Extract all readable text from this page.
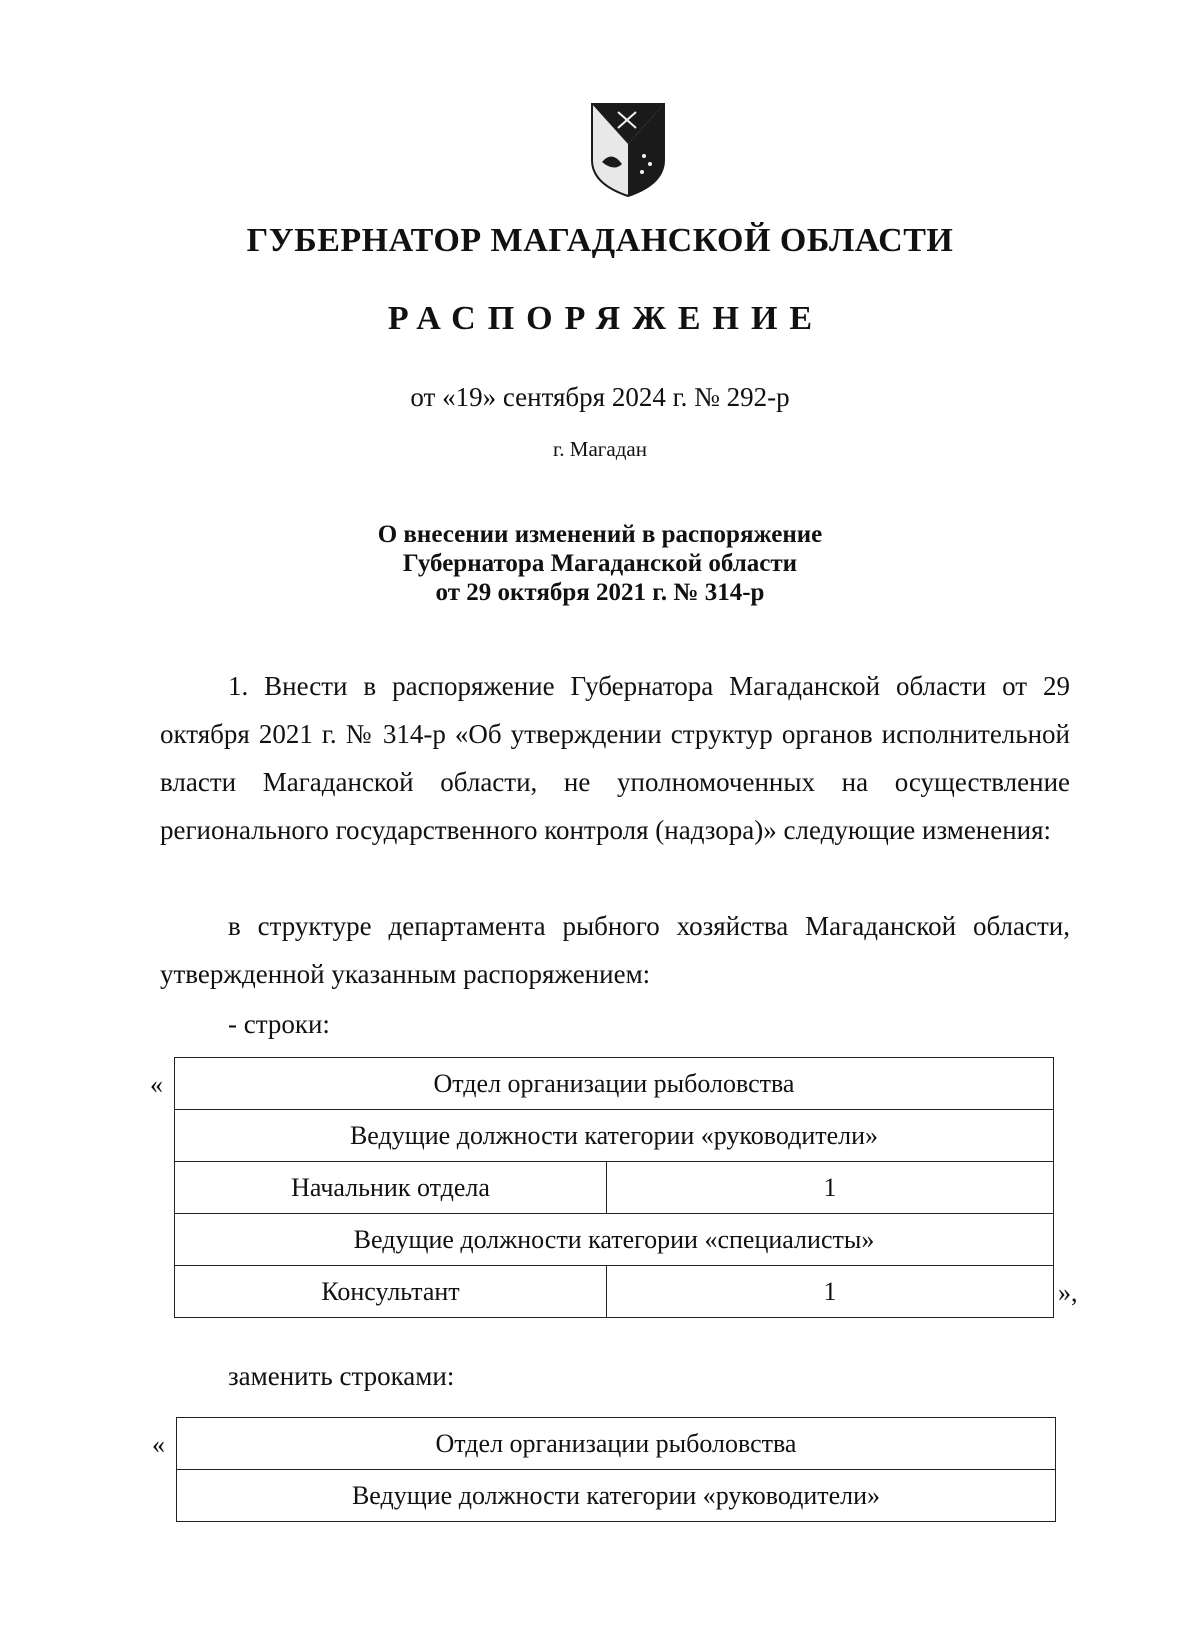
ГУБЕРНАТОР МАГАДАНСКОЙ ОБЛАСТИ
РАСПОРЯЖЕНИЕ
от «19» сентября 2024 г. № 292-р
г. Магадан
О внесении изменений в распоряжение
Губернатора Магаданской области
от 29 октября 2021 г. № 314-р
1. Внести в распоряжение Губернатора Магаданской области от 29 октября 2021 г. № 314-р «Об утверждении структур органов исполнительной власти Магаданской области, не уполномоченных на осуществление регионального государственного контроля (надзора)» следующие изменения:
в структуре департамента рыбного хозяйства Магаданской области, утвержденной указанным распоряжением:
- строки:
«	Отдел организации рыболовства	
Ведущие должности категории «руководители»	
Начальник отдела	1
Ведущие должности категории «специалисты»	
Консультант	1	»,
заменить строками:
«	Отдел организации рыболовства
Ведущие должности категории «руководители»
